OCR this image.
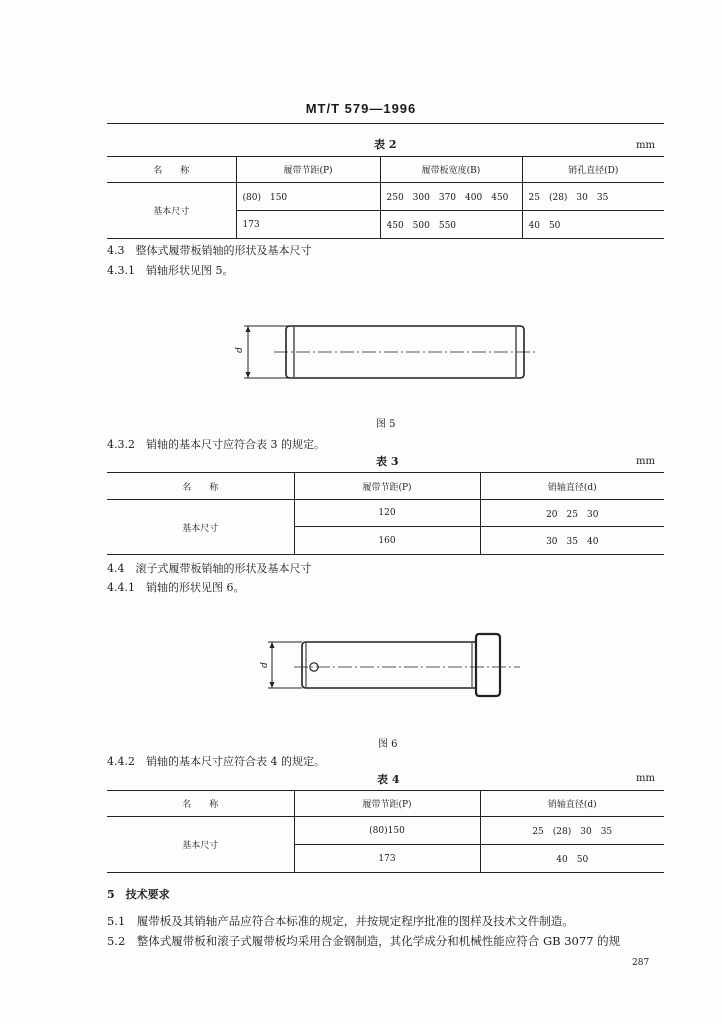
MT/T 579—1996
表 2	mm
名　　称	履带节距(P)	履带板宽度(B)	销孔直径(D)
基本尺寸	(80)　150	250　300　370　400　450	25　(28)　30　35
	173	450　500　550	40　50
4.3　整体式履带板销轴的形状及基本尺寸
4.3.1　销轴形状见图 5。
d
图 5
4.3.2　销轴的基本尺寸应符合表 3 的规定。
表 3	mm
名　　称	履带节距(P)	销轴直径(d)
基本尺寸	120	20　25　30
	160	30　35　40
4.4　滚子式履带板销轴的形状及基本尺寸
4.4.1　销轴的形状见图 6。
d
图 6
4.4.2　销轴的基本尺寸应符合表 4 的规定。
表 4	mm
名　　称	履带节距(P)	销轴直径(d)
基本尺寸	(80)150	25　(28)　30　35
	173	40　50
5　技术要求
5.1　履带板及其销轴产品应符合本标准的规定，并按规定程序批准的图样及技术文件制造。
5.2　整体式履带板和滚子式履带板均采用合金钢制造，其化学成分和机械性能应符合 GB 3077 的规
287
